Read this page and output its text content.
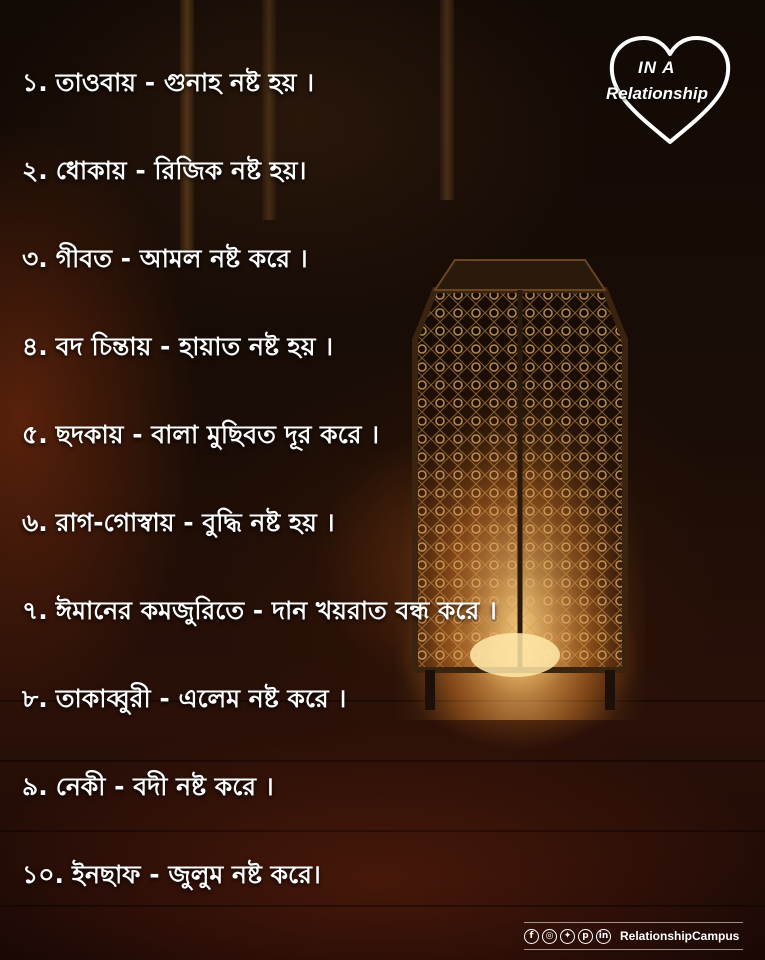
১. তাওবায় - গুনাহ নষ্ট হয় ।
২. ধোকায় - রিজিক নষ্ট হয়।
৩. গীবত - আমল নষ্ট করে ।
৪. বদ চিন্তায় - হায়াত নষ্ট হয় ।
৫. ছদকায় - বালা মুছিবত দূর করে ।
৬. রাগ-গোস্বায় - বুদ্ধি নষ্ট হয় ।
৭. ঈমানের কমজুরিতে - দান খয়রাত বন্ধ করে ।
৮. তাকাব্বুরী - এলেম নষ্ট করে ।
৯. নেকী - বদী নষ্ট করে ।
১০. ইনছাফ - জুলুম নষ্ট করে।
IN A
Relationship
f	◎	✦	p	in RelationshipCampus
